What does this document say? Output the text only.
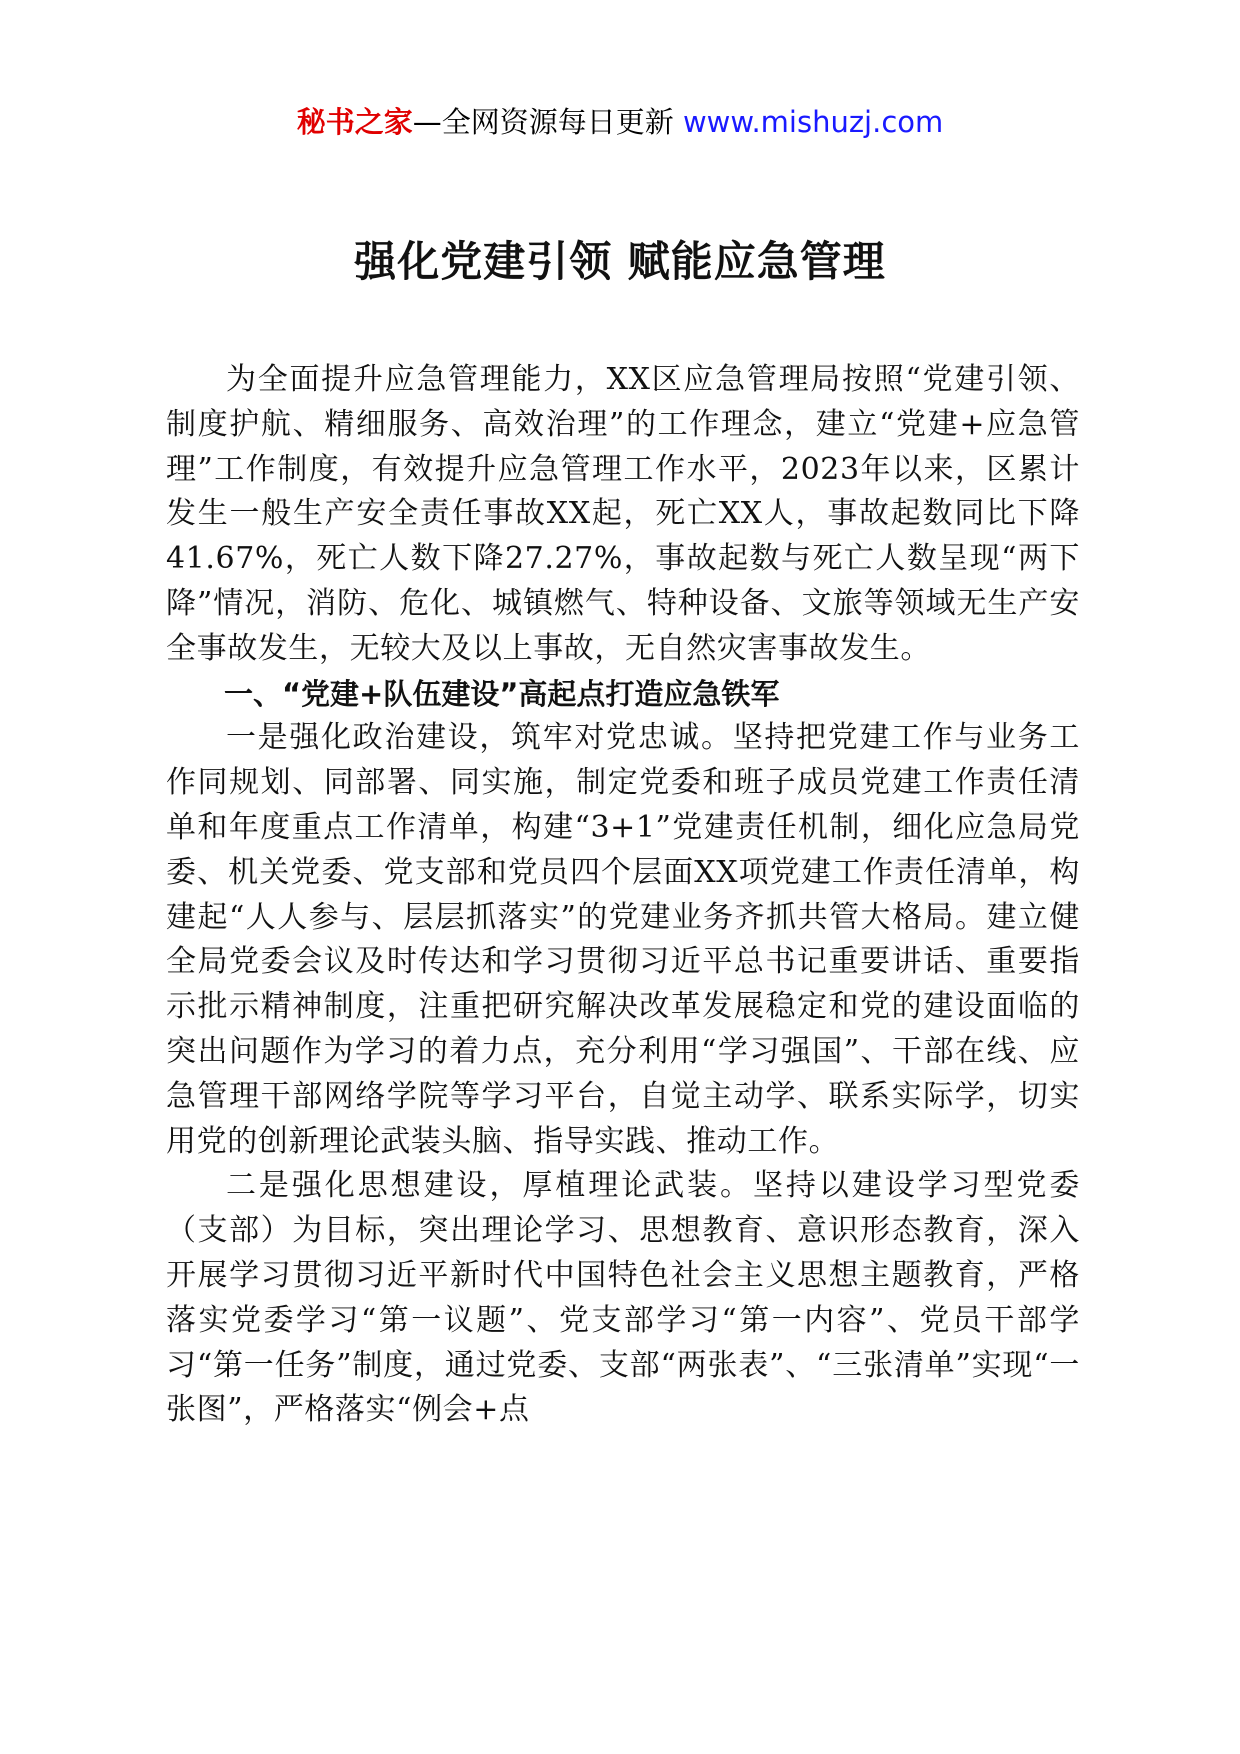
秘书之家—全网资源每日更新 www.mishuzj.com
强化党建引领 赋能应急管理

为全面提升应急管理能力，XX区应急管理局按照“党建引领、制度护航、精细服务、高效治理”的工作理念，建立“党建+应急管理”工作制度，有效提升应急管理工作水平，2023年以来，区累计发生一般生产安全责任事故XX起，死亡XX人，事故起数同比下降41.67%，死亡人数下降27.27%，事故起数与死亡人数呈现“两下降”情况，消防、危化、城镇燃气、特种设备、文旅等领域无生产安全事故发生，无较大及以上事故，无自然灾害事故发生。

一、“党建+队伍建设”高起点打造应急铁军

一是强化政治建设，筑牢对党忠诚。坚持把党建工作与业务工作同规划、同部署、同实施，制定党委和班子成员党建工作责任清单和年度重点工作清单，构建“3+1”党建责任机制，细化应急局党委、机关党委、党支部和党员四个层面XX项党建工作责任清单，构建起“人人参与、层层抓落实”的党建业务齐抓共管大格局。建立健全局党委会议及时传达和学习贯彻习近平总书记重要讲话、重要指示批示精神制度，注重把研究解决改革发展稳定和党的建设面临的突出问题作为学习的着力点，充分利用“学习强国”、干部在线、应急管理干部网络学院等学习平台，自觉主动学、联系实际学，切实用党的创新理论武装头脑、指导实践、推动工作。

二是强化思想建设，厚植理论武装。坚持以建设学习型党委（支部）为目标，突出理论学习、思想教育、意识形态教育，深入开展学习贯彻习近平新时代中国特色社会主义思想主题教育，严格落实党委学习“第一议题”、党支部学习“第一内容”、党员干部学习“第一任务”制度，通过党委、支部“两张表”、“三张清单”实现“一张图”，严格落实“例会+点
